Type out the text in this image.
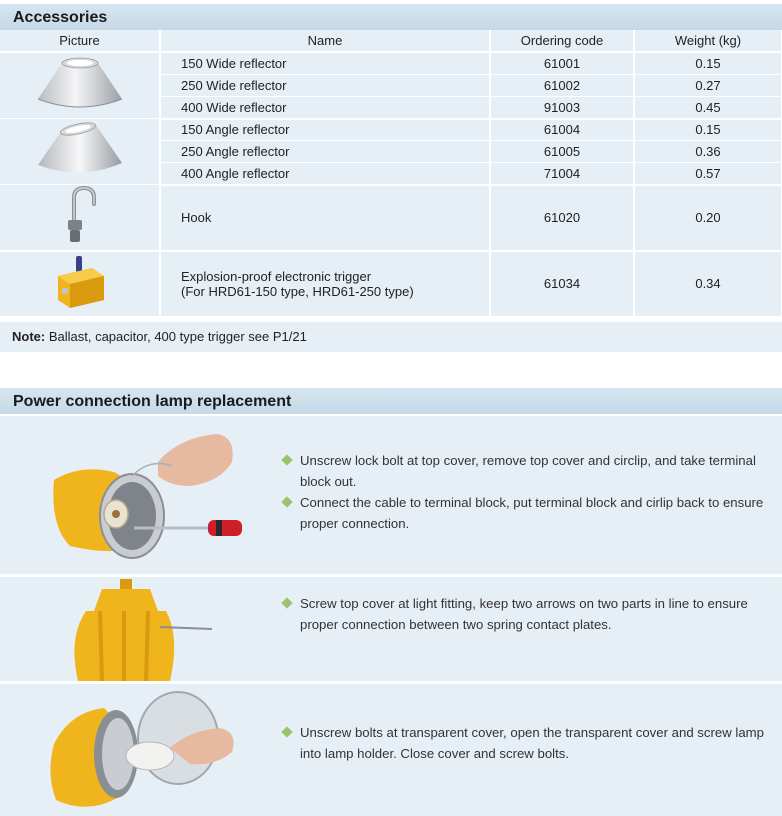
Accessories
Picture	Name	Ordering code	Weight (kg)
	150 Wide reflector	61001	0.15
	250 Wide reflector	61002	0.27
	400 Wide reflector	91003	0.45
	150 Angle reflector	61004	0.15
	250 Angle reflector	61005	0.36
	400 Angle reflector	71004	0.57
	Hook	61020	0.20

Explosion-proof electronic trigger
(For HRD61-150 type, HRD61-250 type)	61034	0.34
Note: Ballast, capacitor, 400 type trigger see P1/21
Power connection lamp replacement
Unscrew lock bolt at top cover, remove top cover and circlip, and take terminal block out.
Connect the cable to terminal block, put terminal block and cirlip back to ensure proper connection.
Screw top cover at light fitting, keep two arrows on two parts in line to ensure proper connection between two spring contact plates.
Unscrew bolts at transparent cover, open the transparent cover and screw lamp into lamp holder. Close cover and screw bolts.
